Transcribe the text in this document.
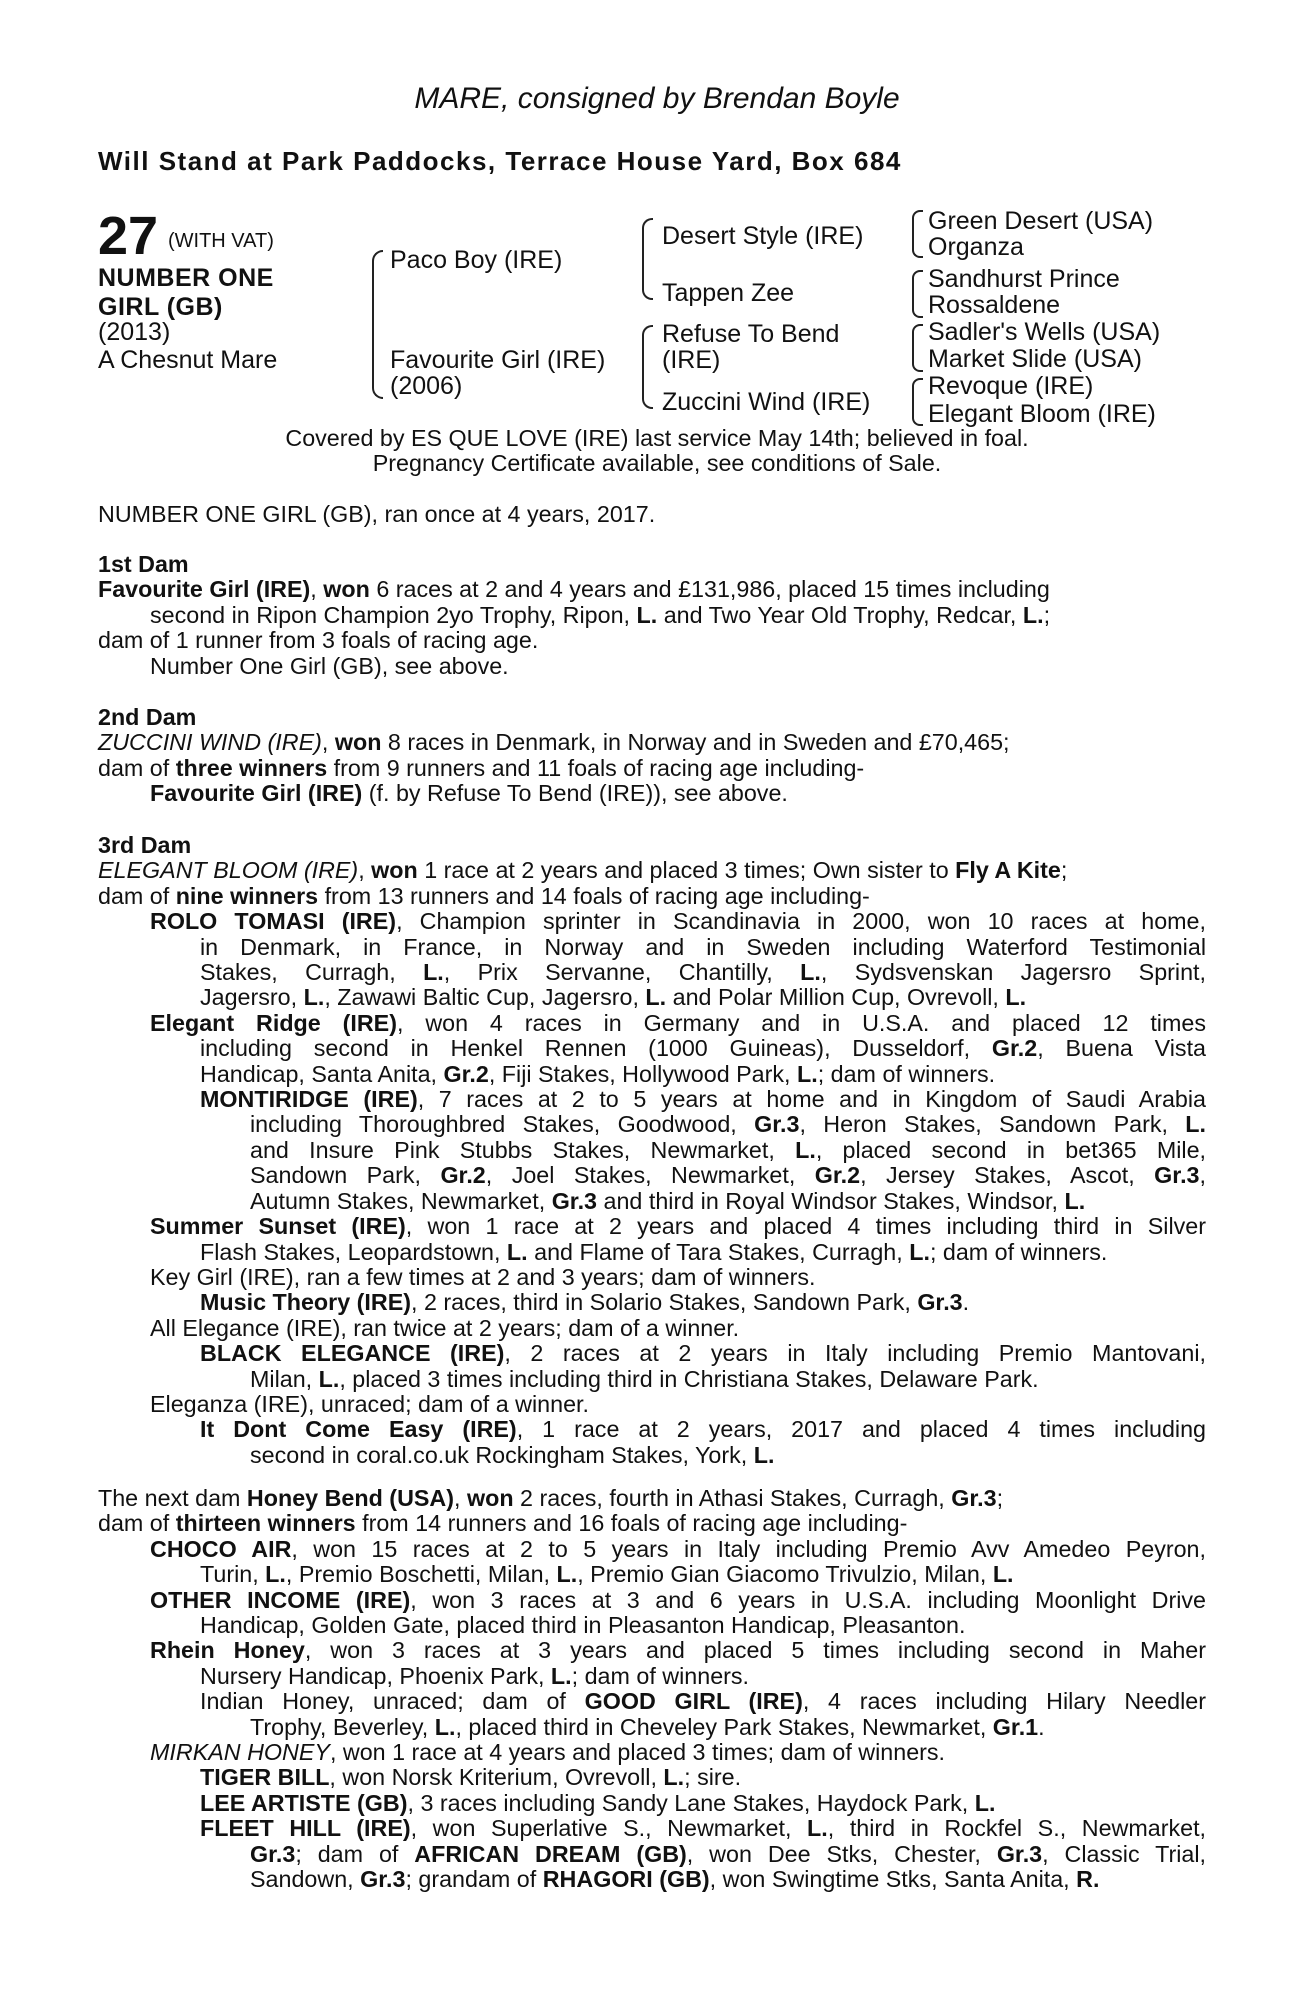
MARE, consigned by Brendan Boyle
Will Stand at Park Paddocks, Terrace House Yard, Box 684
27 (WITH VAT)
NUMBER ONE
GIRL (GB)
(2013)
A Chesnut Mare
Paco Boy (IRE)
Favourite Girl (IRE)
(2006)
Desert Style (IRE)
Tappen Zee
Refuse To Bend
(IRE)
Zuccini Wind (IRE)
Green Desert (USA)
Organza
Sandhurst Prince
Rossaldene
Sadler's Wells (USA)
Market Slide (USA)
Revoque (IRE)
Elegant Bloom (IRE)
Covered by ES QUE LOVE (IRE) last service May 14th; believed in foal.
Pregnancy Certificate available, see conditions of Sale.
NUMBER ONE GIRL (GB), ran once at 4 years, 2017.
1st Dam
Favourite Girl (IRE), won 6 races at 2 and 4 years and £131,986, placed 15 times including
second in Ripon Champion 2yo Trophy, Ripon, L. and Two Year Old Trophy, Redcar, L.;
dam of 1 runner from 3 foals of racing age.
Number One Girl (GB), see above.
2nd Dam
ZUCCINI WIND (IRE), won 8 races in Denmark, in Norway and in Sweden and £70,465;
dam of three winners from 9 runners and 11 foals of racing age including-
Favourite Girl (IRE) (f. by Refuse To Bend (IRE)), see above.
3rd Dam
ELEGANT BLOOM (IRE), won 1 race at 2 years and placed 3 times; Own sister to Fly A Kite;
dam of nine winners from 13 runners and 14 foals of racing age including-
ROLO TOMASI (IRE), Champion sprinter in Scandinavia in 2000, won 10 races at home,
in Denmark, in France, in Norway and in Sweden including Waterford Testimonial
Stakes, Curragh, L., Prix Servanne, Chantilly, L., Sydsvenskan Jagersro Sprint,
Jagersro, L., Zawawi Baltic Cup, Jagersro, L. and Polar Million Cup, Ovrevoll, L.
Elegant Ridge (IRE), won 4 races in Germany and in U.S.A. and placed 12 times
including second in Henkel Rennen (1000 Guineas), Dusseldorf, Gr.2, Buena Vista
Handicap, Santa Anita, Gr.2, Fiji Stakes, Hollywood Park, L.; dam of winners.
MONTIRIDGE (IRE), 7 races at 2 to 5 years at home and in Kingdom of Saudi Arabia
including Thoroughbred Stakes, Goodwood, Gr.3, Heron Stakes, Sandown Park, L.
and Insure Pink Stubbs Stakes, Newmarket, L., placed second in bet365 Mile,
Sandown Park, Gr.2, Joel Stakes, Newmarket, Gr.2, Jersey Stakes, Ascot, Gr.3,
Autumn Stakes, Newmarket, Gr.3 and third in Royal Windsor Stakes, Windsor, L.
Summer Sunset (IRE), won 1 race at 2 years and placed 4 times including third in Silver
Flash Stakes, Leopardstown, L. and Flame of Tara Stakes, Curragh, L.; dam of winners.
Key Girl (IRE), ran a few times at 2 and 3 years; dam of winners.
Music Theory (IRE), 2 races, third in Solario Stakes, Sandown Park, Gr.3.
All Elegance (IRE), ran twice at 2 years; dam of a winner.
BLACK ELEGANCE (IRE), 2 races at 2 years in Italy including Premio Mantovani,
Milan, L., placed 3 times including third in Christiana Stakes, Delaware Park.
Eleganza (IRE), unraced; dam of a winner.
It Dont Come Easy (IRE), 1 race at 2 years, 2017 and placed 4 times including
second in coral.co.uk Rockingham Stakes, York, L.
The next dam Honey Bend (USA), won 2 races, fourth in Athasi Stakes, Curragh, Gr.3;
dam of thirteen winners from 14 runners and 16 foals of racing age including-
CHOCO AIR, won 15 races at 2 to 5 years in Italy including Premio Avv Amedeo Peyron,
Turin, L., Premio Boschetti, Milan, L., Premio Gian Giacomo Trivulzio, Milan, L.
OTHER INCOME (IRE), won 3 races at 3 and 6 years in U.S.A. including Moonlight Drive
Handicap, Golden Gate, placed third in Pleasanton Handicap, Pleasanton.
Rhein Honey, won 3 races at 3 years and placed 5 times including second in Maher
Nursery Handicap, Phoenix Park, L.; dam of winners.
Indian Honey, unraced; dam of GOOD GIRL (IRE), 4 races including Hilary Needler
Trophy, Beverley, L., placed third in Cheveley Park Stakes, Newmarket, Gr.1.
MIRKAN HONEY, won 1 race at 4 years and placed 3 times; dam of winners.
TIGER BILL, won Norsk Kriterium, Ovrevoll, L.; sire.
LEE ARTISTE (GB), 3 races including Sandy Lane Stakes, Haydock Park, L.
FLEET HILL (IRE), won Superlative S., Newmarket, L., third in Rockfel S., Newmarket,
Gr.3; dam of AFRICAN DREAM (GB), won Dee Stks, Chester, Gr.3, Classic Trial,
Sandown, Gr.3; grandam of RHAGORI (GB), won Swingtime Stks, Santa Anita, R.
